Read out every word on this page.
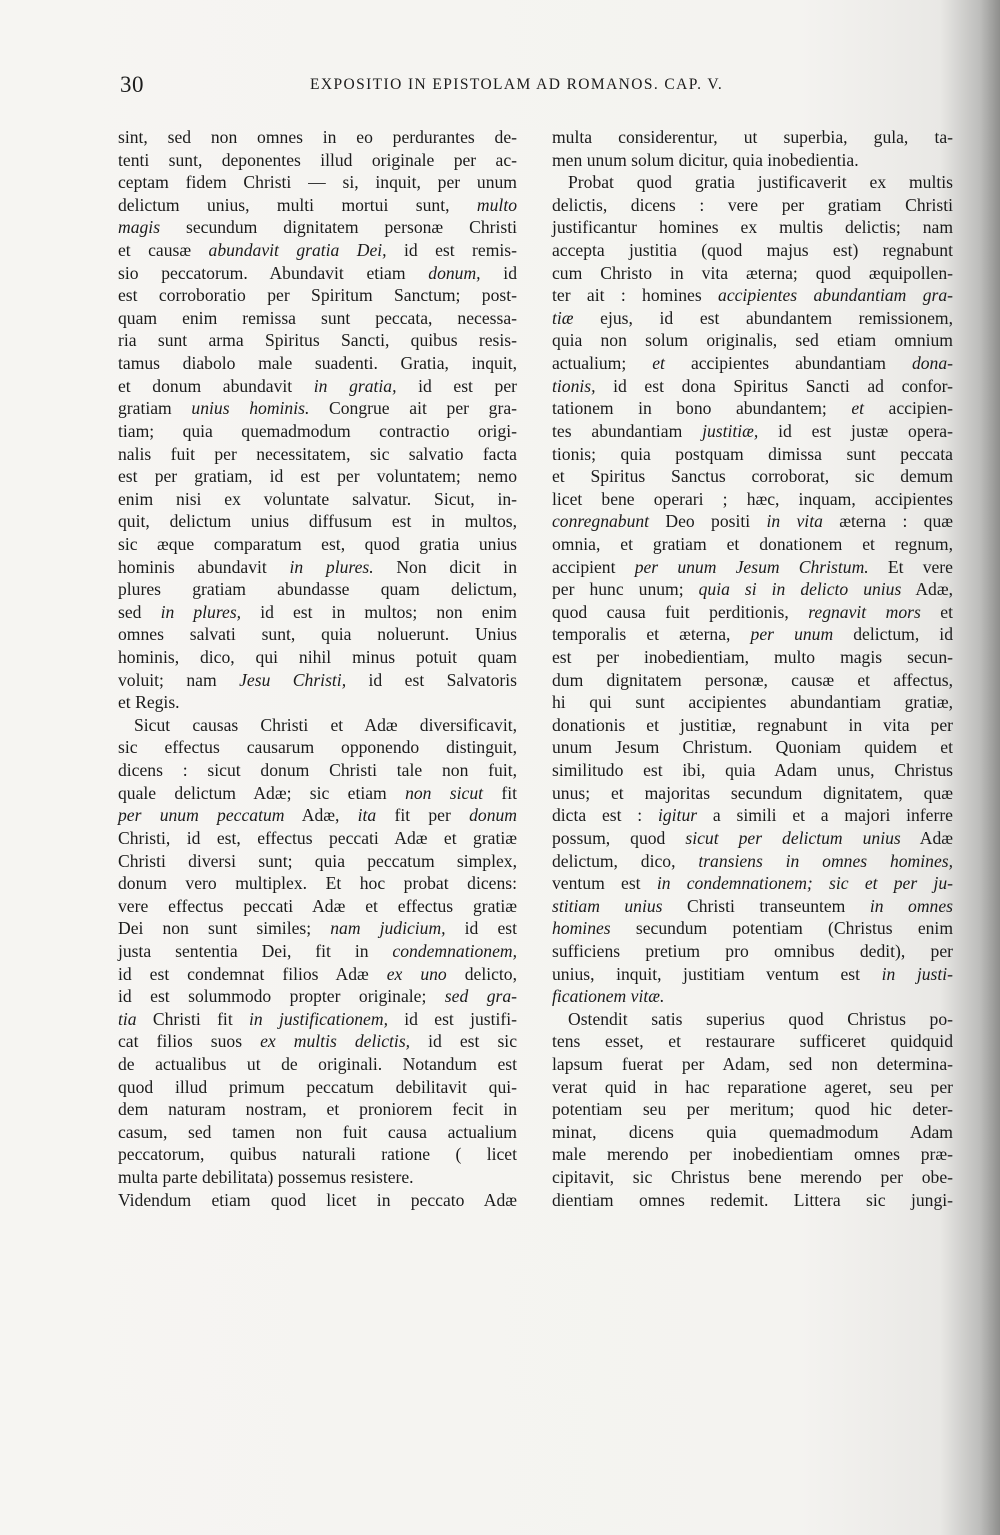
30	EXPOSITIO IN EPISTOLAM AD ROMANOS. CAP. V.
sint, sed non omnes in eo perdurantes de-
tenti sunt, deponentes illud originale per ac-
ceptam fidem Christi — si, inquit, per unum
delictum unius, multi mortui sunt, multo
magis secundum dignitatem personæ Christi
et causæ abundavit gratia Dei, id est remis-
sio peccatorum. Abundavit etiam donum, id
est corroboratio per Spiritum Sanctum; post-
quam enim remissa sunt peccata, necessa-
ria sunt arma Spiritus Sancti, quibus resis-
tamus diabolo male suadenti. Gratia, inquit,
et donum abundavit in gratia, id est per
gratiam unius hominis. Congrue ait per gra-
tiam; quia quemadmodum contractio origi-
nalis fuit per necessitatem, sic salvatio facta
est per gratiam, id est per voluntatem; nemo
enim nisi ex voluntate salvatur. Sicut, in-
quit, delictum unius diffusum est in multos,
sic æque comparatum est, quod gratia unius
hominis abundavit in plures. Non dicit in
plures gratiam abundasse quam delictum,
sed in plures, id est in multos; non enim
omnes salvati sunt, quia noluerunt. Unius
hominis, dico, qui nihil minus potuit quam
voluit; nam Jesu Christi, id est Salvatoris
et Regis.
Sicut causas Christi et Adæ diversificavit,
sic effectus causarum opponendo distinguit,
dicens : sicut donum Christi tale non fuit,
quale delictum Adæ; sic etiam non sicut fit
per unum peccatum Adæ, ita fit per donum
Christi, id est, effectus peccati Adæ et gratiæ
Christi diversi sunt; quia peccatum simplex,
donum vero multiplex. Et hoc probat dicens:
vere effectus peccati Adæ et effectus gratiæ
Dei non sunt similes; nam judicium, id est
justa sententia Dei, fit in condemnationem,
id est condemnat filios Adæ ex uno delicto,
id est solummodo propter originale; sed gra-
tia Christi fit in justificationem, id est justifi-
cat filios suos ex multis delictis, id est sic
de actualibus ut de originali. Notandum est
quod illud primum peccatum debilitavit qui-
dem naturam nostram, et proniorem fecit in
casum, sed tamen non fuit causa actualium
peccatorum, quibus naturali ratione ( licet
multa parte debilitata) possemus resistere.
Videndum etiam quod licet in peccato Adæ
multa considerentur, ut superbia, gula, ta-
men unum solum dicitur, quia inobedientia.
Probat quod gratia justificaverit ex multis
delictis, dicens : vere per gratiam Christi
justificantur homines ex multis delictis; nam
accepta justitia (quod majus est) regnabunt
cum Christo in vita æterna; quod æquipollen-
ter ait : homines accipientes abundantiam gra-
tiæ ejus, id est abundantem remissionem,
quia non solum originalis, sed etiam omnium
actualium; et accipientes abundantiam dona-
tionis, id est dona Spiritus Sancti ad confor-
tationem in bono abundantem; et accipien-
tes abundantiam justitiæ, id est justæ opera-
tionis; quia postquam dimissa sunt peccata
et Spiritus Sanctus corroborat, sic demum
licet bene operari ; hæc, inquam, accipientes
conregnabunt Deo positi in vita æterna : quæ
omnia, et gratiam et donationem et regnum,
accipient per unum Jesum Christum. Et vere
per hunc unum; quia si in delicto unius Adæ,
quod causa fuit perditionis, regnavit mors et
temporalis et æterna, per unum delictum, id
est per inobedientiam, multo magis secun-
dum dignitatem personæ, causæ et affectus,
hi qui sunt accipientes abundantiam gratiæ,
donationis et justitiæ, regnabunt in vita per
unum Jesum Christum. Quoniam quidem et
similitudo est ibi, quia Adam unus, Christus
unus; et majoritas secundum dignitatem, quæ
dicta est : igitur a simili et a majori inferre
possum, quod sicut per delictum unius Adæ
delictum, dico, transiens in omnes homines,
ventum est in condemnationem; sic et per ju-
stitiam unius Christi transeuntem in omnes
homines secundum potentiam (Christus enim
sufficiens pretium pro omnibus dedit), per
unius, inquit, justitiam ventum est in justi-
ficationem vitæ.
Ostendit satis superius quod Christus po-
tens esset, et restaurare sufficeret quidquid
lapsum fuerat per Adam, sed non determina-
verat quid in hac reparatione ageret, seu per
potentiam seu per meritum; quod hic deter-
minat, dicens quia quemadmodum Adam
male merendo per inobedientiam omnes præ-
cipitavit, sic Christus bene merendo per obe-
dientiam omnes redemit. Littera sic jungi-
